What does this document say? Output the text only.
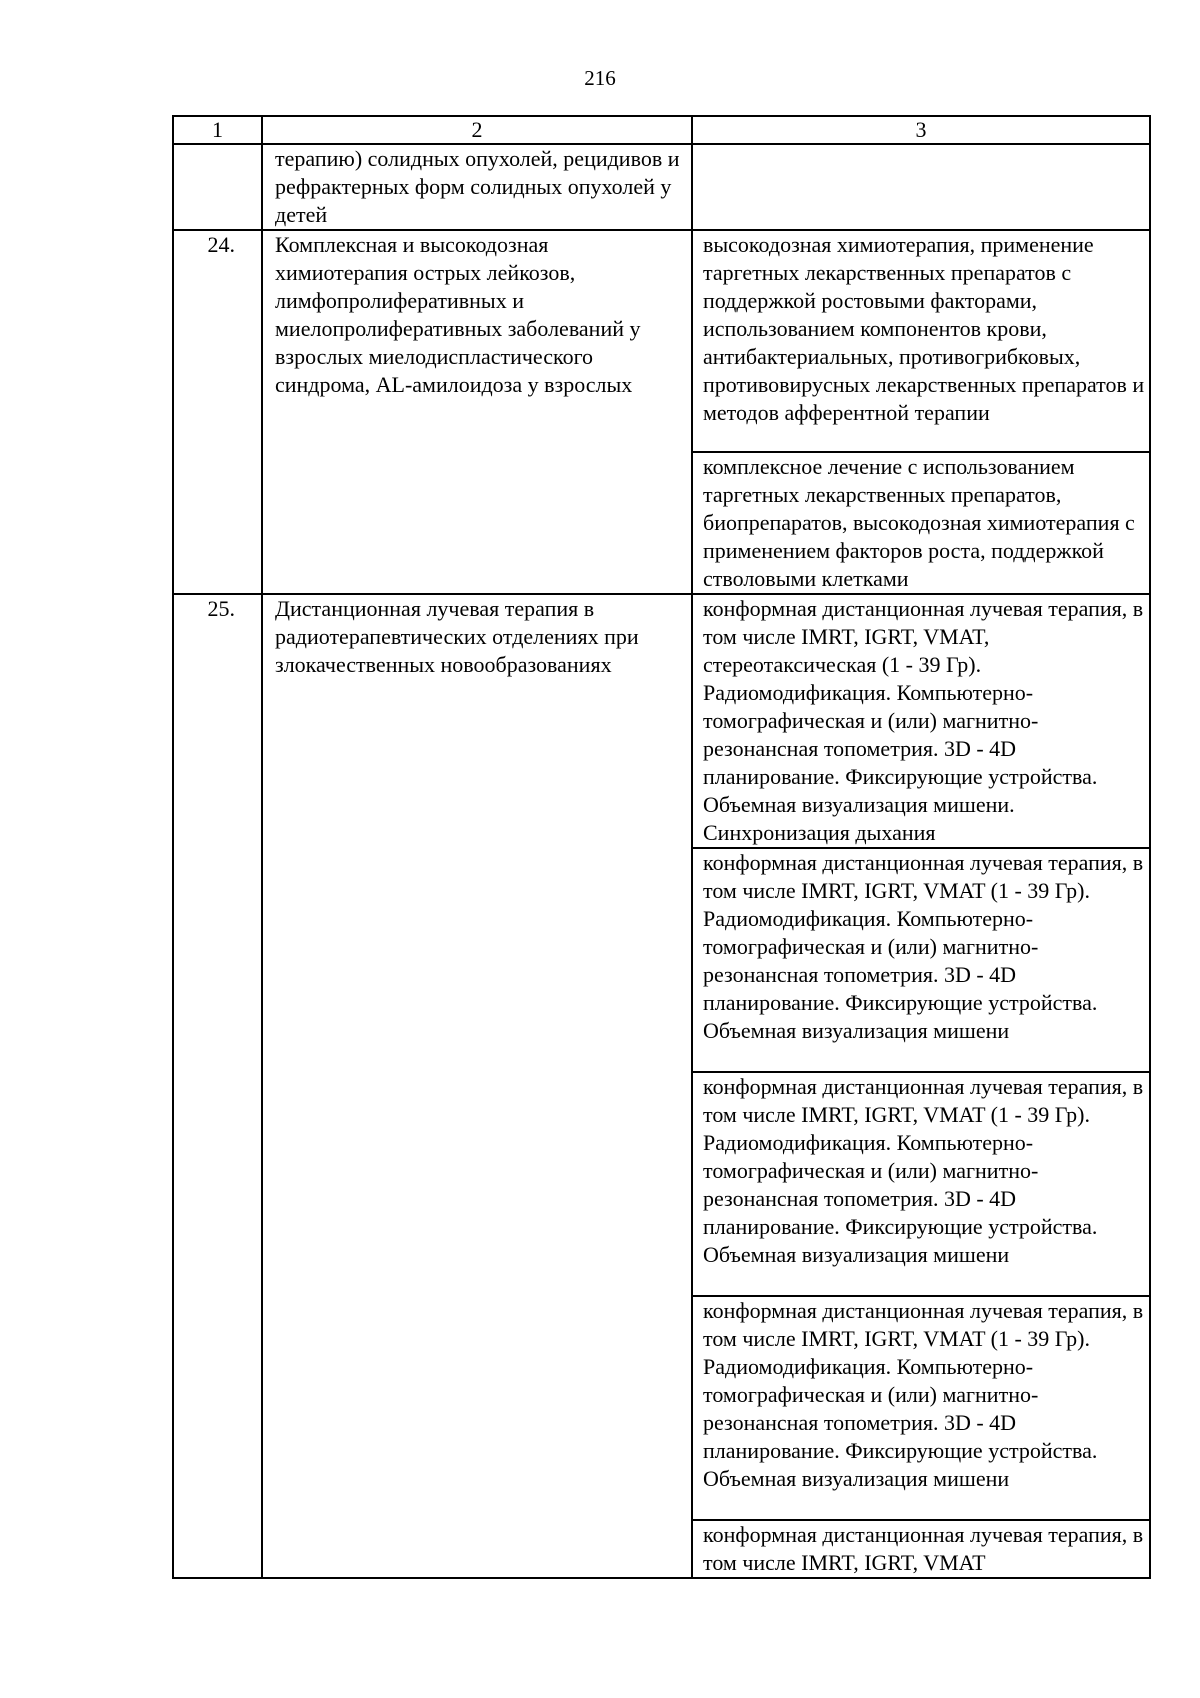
216
1	2	3
	терапию) солидных опухолей, рецидивов и рефрактерных форм солидных опухолей у детей	
24.	Комплексная и высокодозная химиотерапия острых лейкозов, лимфопролиферативных и миелопролиферативных заболеваний у взрослых миелодиспластического синдрома, AL-амилоидоза у взрослых	высокодозная химиотерапия, применение таргетных лекарственных препаратов с поддержкой ростовыми факторами, использованием компонентов крови, антибактериальных, противогрибковых, противовирусных лекарственных препаратов и методов афферентной терапии
		комплексное лечение с использованием таргетных лекарственных препаратов, биопрепаратов, высокодозная химиотерапия с применением факторов роста, поддержкой стволовыми клетками
25.	Дистанционная лучевая терапия в радиотерапевтических отделениях при злокачественных новообразованиях	конформная дистанционная лучевая терапия, в том числе IMRT, IGRT, VMAT, стереотаксическая (1 - 39 Гр). Радиомодификация. Компьютерно-томографическая и (или) магнитно-резонансная топометрия. 3D - 4D планирование. Фиксирующие устройства. Объемная визуализация мишени. Синхронизация дыхания
		конформная дистанционная лучевая терапия, в том числе IMRT, IGRT, VMAT (1 - 39 Гр). Радиомодификация. Компьютерно-томографическая и (или) магнитно-резонансная топометрия. 3D - 4D планирование. Фиксирующие устройства. Объемная визуализация мишени
		конформная дистанционная лучевая терапия, в том числе IMRT, IGRT, VMAT (1 - 39 Гр). Радиомодификация. Компьютерно-томографическая и (или) магнитно-резонансная топометрия. 3D - 4D планирование. Фиксирующие устройства. Объемная визуализация мишени
		конформная дистанционная лучевая терапия, в том числе IMRT, IGRT, VMAT (1 - 39 Гр). Радиомодификация. Компьютерно-томографическая и (или) магнитно-резонансная топометрия. 3D - 4D планирование. Фиксирующие устройства. Объемная визуализация мишени
		конформная дистанционная лучевая терапия, в том числе IMRT, IGRT, VMAT
